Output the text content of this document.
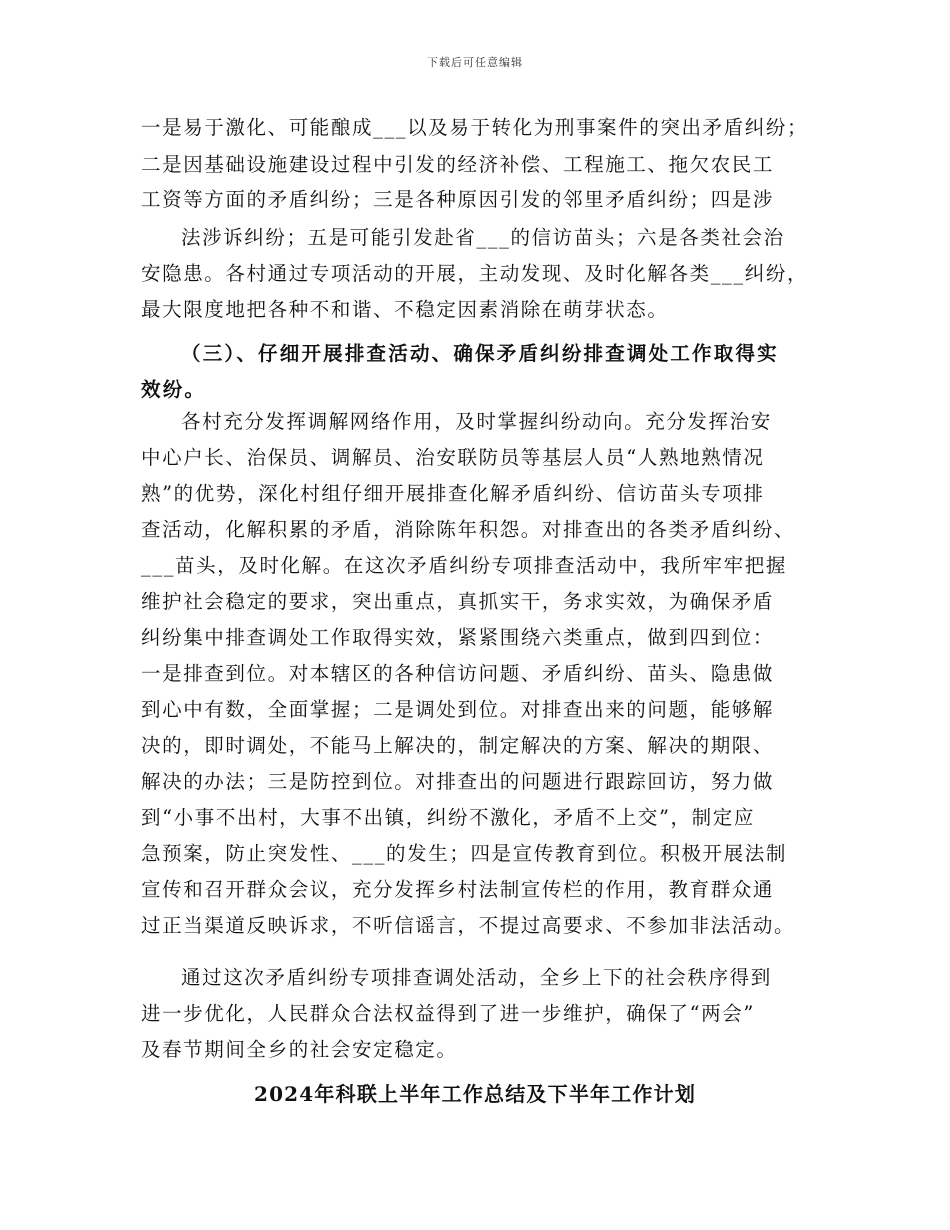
下载后可任意编辑
一是易于激化、可能酿成___以及易于转化为刑事案件的突出矛盾纠纷；
二是因基础设施建设过程中引发的经济补偿、工程施工、拖欠农民工
工资等方面的矛盾纠纷；三是各种原因引发的邻里矛盾纠纷；四是涉
法涉诉纠纷；五是可能引发赴省___的信访苗头；六是各类社会治
安隐患。各村通过专项活动的开展，主动发现、及时化解各类___纠纷，
最大限度地把各种不和谐、不稳定因素消除在萌芽状态。
（三）、仔细开展排查活动、确保矛盾纠纷排查调处工作取得实
效纷。
各村充分发挥调解网络作用，及时掌握纠纷动向。充分发挥治安
中心户长、治保员、调解员、治安联防员等基层人员“人熟地熟情况
熟”的优势，深化村组仔细开展排查化解矛盾纠纷、信访苗头专项排
查活动，化解积累的矛盾，消除陈年积怨。对排查出的各类矛盾纠纷、
___苗头，及时化解。在这次矛盾纠纷专项排查活动中，我所牢牢把握
维护社会稳定的要求，突出重点，真抓实干，务求实效，为确保矛盾
纠纷集中排查调处工作取得实效，紧紧围绕六类重点，做到四到位：
一是排查到位。对本辖区的各种信访问题、矛盾纠纷、苗头、隐患做
到心中有数，全面掌握；二是调处到位。对排查出来的问题，能够解
决的，即时调处，不能马上解决的，制定解决的方案、解决的期限、
解决的办法；三是防控到位。对排查出的问题进行跟踪回访，努力做
到“小事不出村，大事不出镇，纠纷不激化，矛盾不上交”，制定应
急预案，防止突发性、___的发生；四是宣传教育到位。积极开展法制
宣传和召开群众会议，充分发挥乡村法制宣传栏的作用，教育群众通
过正当渠道反映诉求，不听信谣言，不提过高要求、不参加非法活动。
通过这次矛盾纠纷专项排查调处活动，全乡上下的社会秩序得到
进一步优化，人民群众合法权益得到了进一步维护，确保了“两会”
及春节期间全乡的社会安定稳定。
2024年科联上半年工作总结及下半年工作计划
